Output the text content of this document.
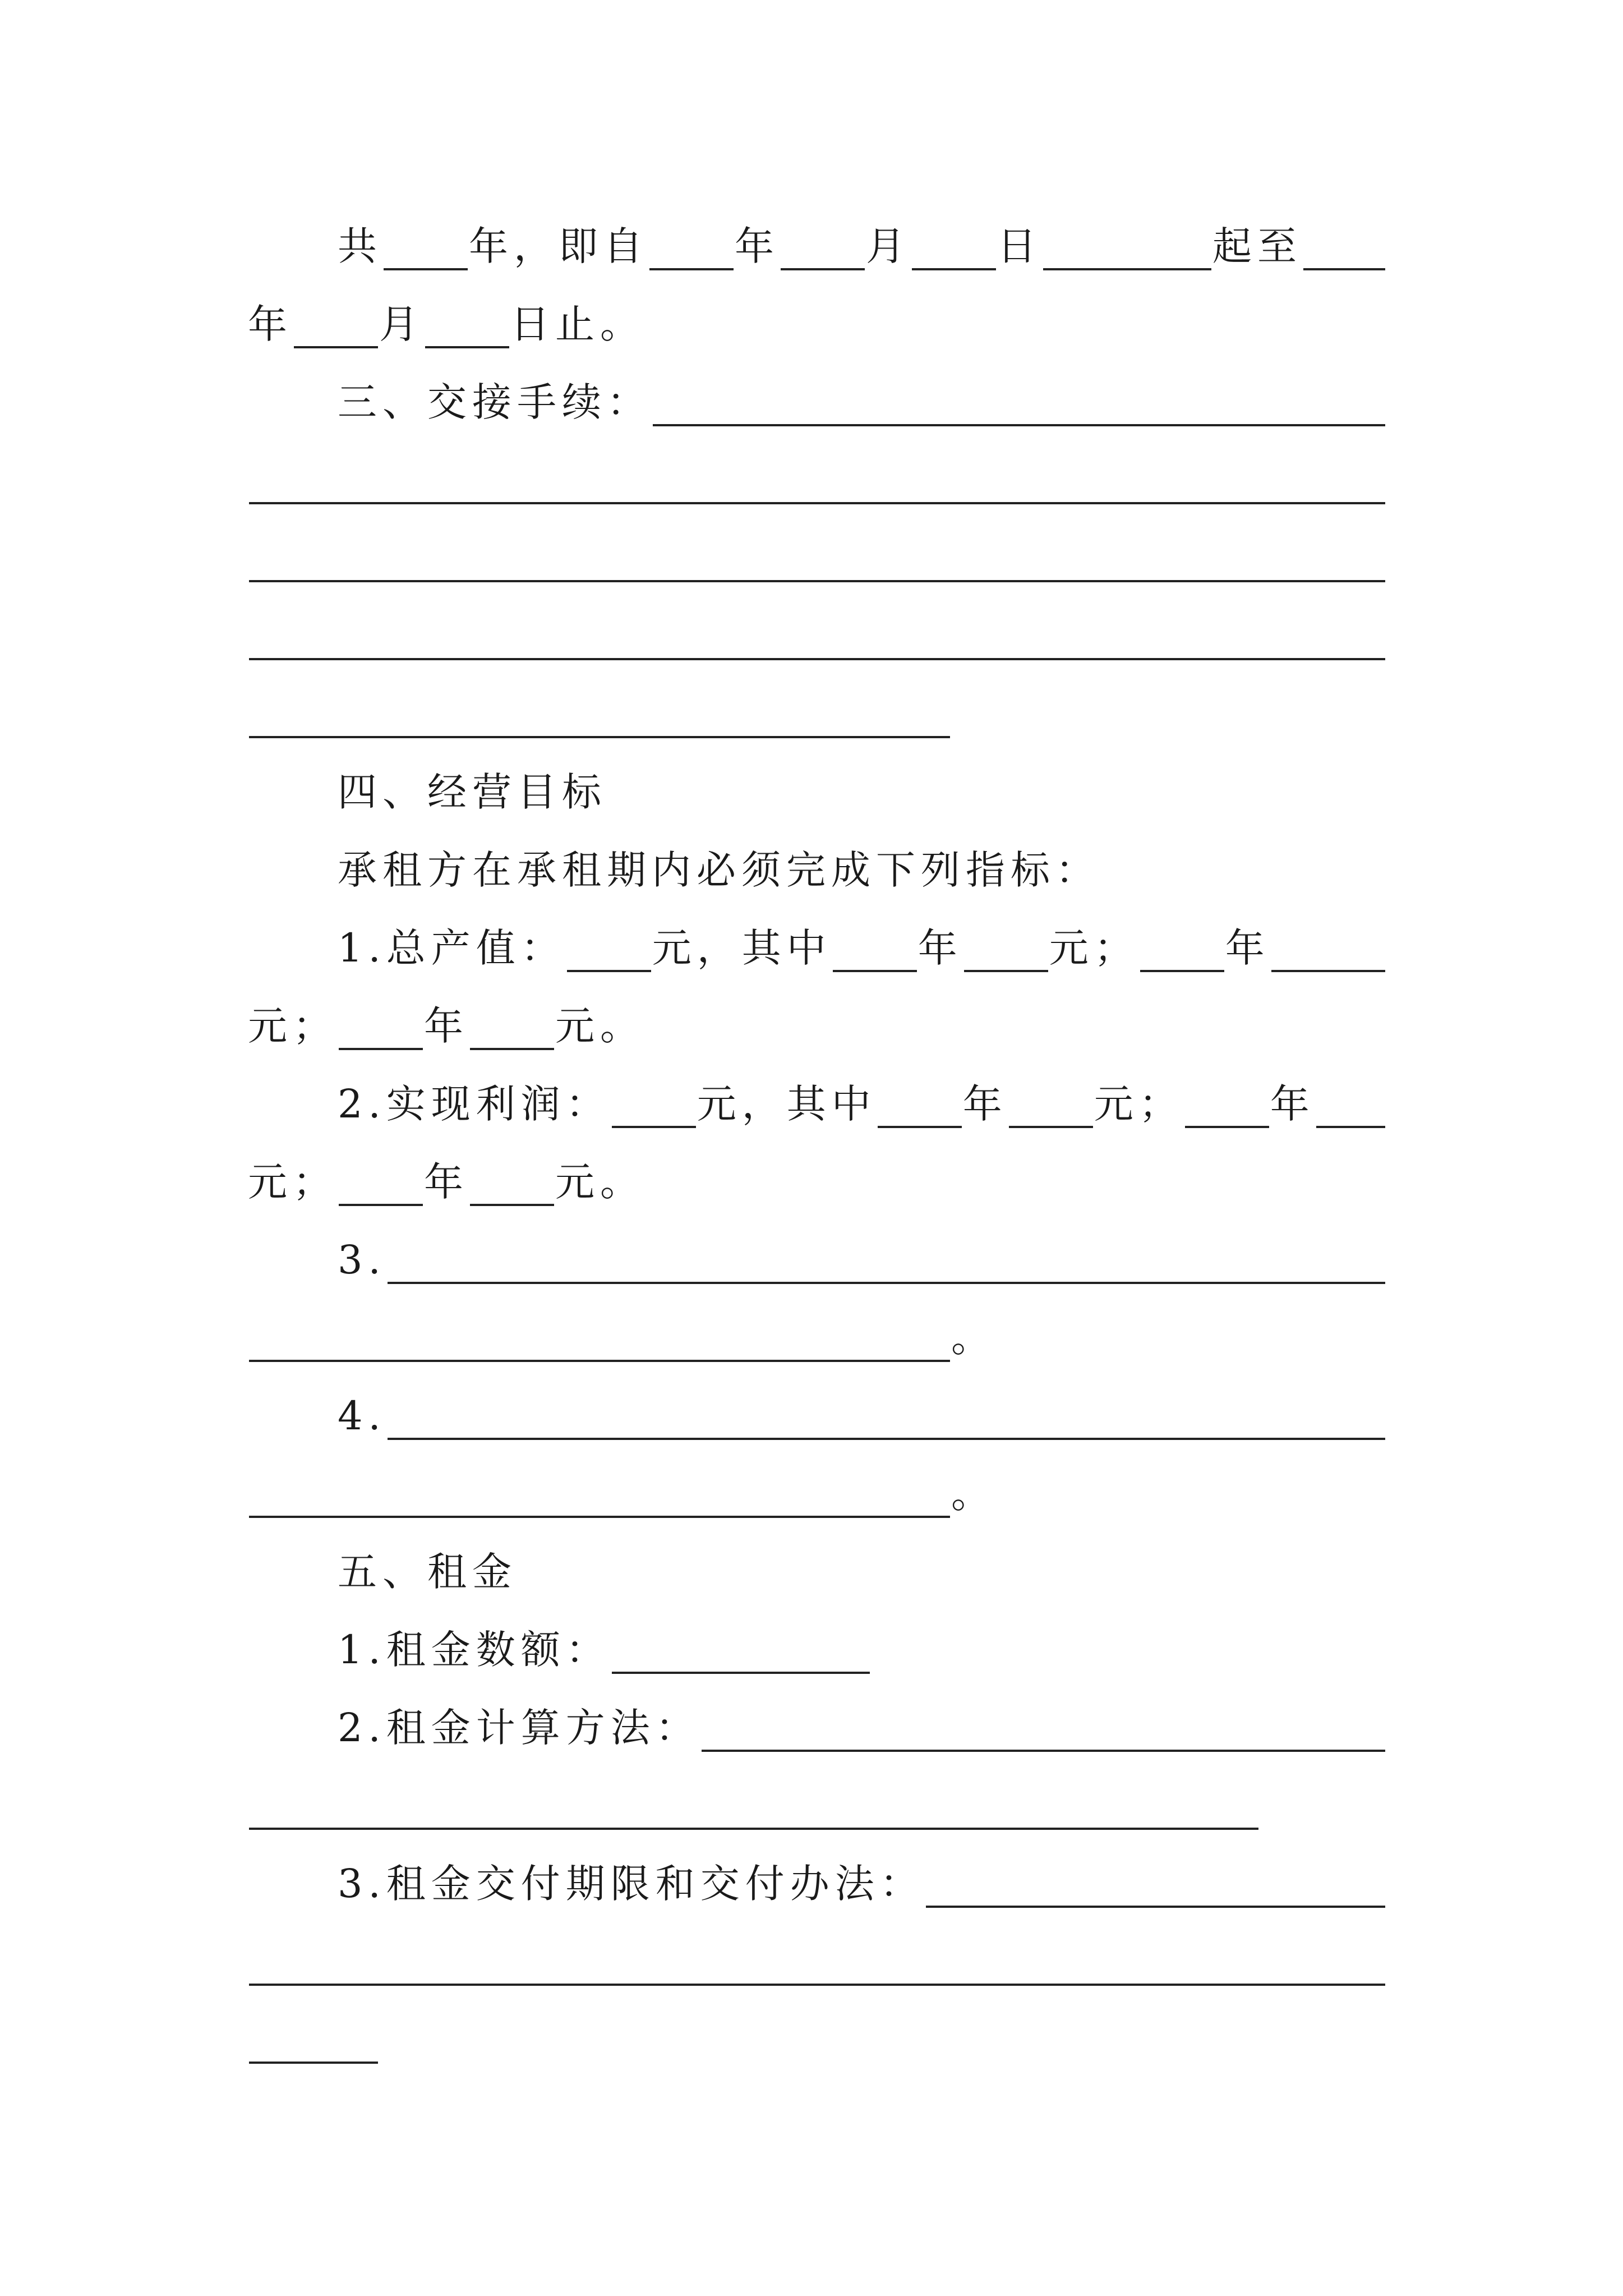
共 年，即自 年 月 日	起至
年 月 日止。
三、交接手续：
四、经营目标
承租方在承租期内必须完成下列指标：
1.总产值： 元，其中 年 元； 年
元； 年 元。
2.实现利润： 元，其中 年 元； 年
元； 年 元。
3.
。
4.
。
五、租金
1.租金数额：
2.租金计算方法：
3.租金交付期限和交付办法：
